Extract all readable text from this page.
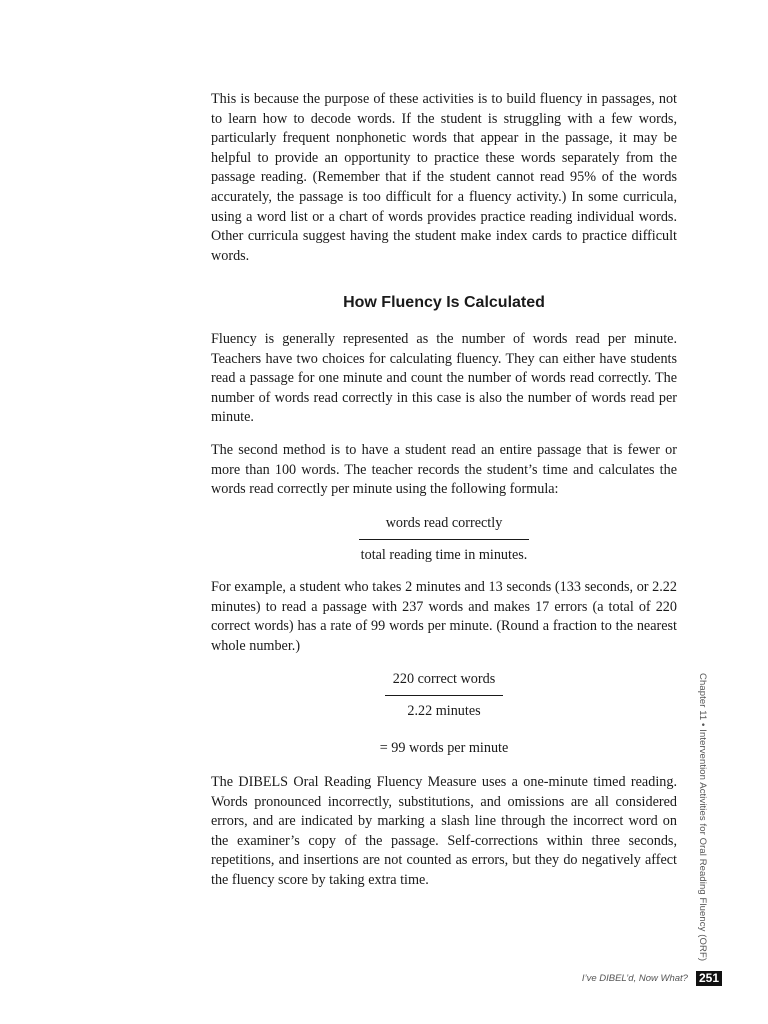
This is because the purpose of these activities is to build fluency in passages, not to learn how to decode words. If the student is struggling with a few words, particularly frequent nonphonetic words that appear in the passage, it may be helpful to provide an opportunity to practice these words separately from the passage reading. (Remember that if the student cannot read 95% of the words accurately, the passage is too difficult for a fluency activity.) In some curricula, using a word list or a chart of words provides practice reading individual words. Other curricula suggest having the student make index cards to practice difficult words.
How Fluency Is Calculated
Fluency is generally represented as the number of words read per minute. Teachers have two choices for calculating fluency. They can either have students read a passage for one minute and count the number of words read correctly. The number of words read correctly in this case is also the number of words read per minute.
The second method is to have a student read an entire passage that is fewer or more than 100 words. The teacher records the student’s time and calculates the words read correctly per minute using the following formula:
$\frac{\text{words read correctly}}{\text{total reading time in minutes.}}$
For example, a student who takes 2 minutes and 13 seconds (133 seconds, or 2.22 minutes) to read a passage with 237 words and makes 17 errors (a total of 220 correct words) has a rate of 99 words per minute. (Round a fraction to the nearest whole number.)
$\frac{\text{220 correct words}}{\text{2.22 minutes}}$
= 99 words per minute
The DIBELS Oral Reading Fluency Measure uses a one-minute timed reading. Words pronounced incorrectly, substitutions, and omissions are all considered errors, and are indicated by marking a slash line through the incorrect word on the examiner’s copy of the passage. Self-corrections within three seconds, repetitions, and insertions are not counted as errors, but they do negatively affect the fluency score by taking extra time.	Chapter 11 • Intervention Activities for Oral Reading Fluency (ORF)
I’ve DIBEL’d, Now What? 251
